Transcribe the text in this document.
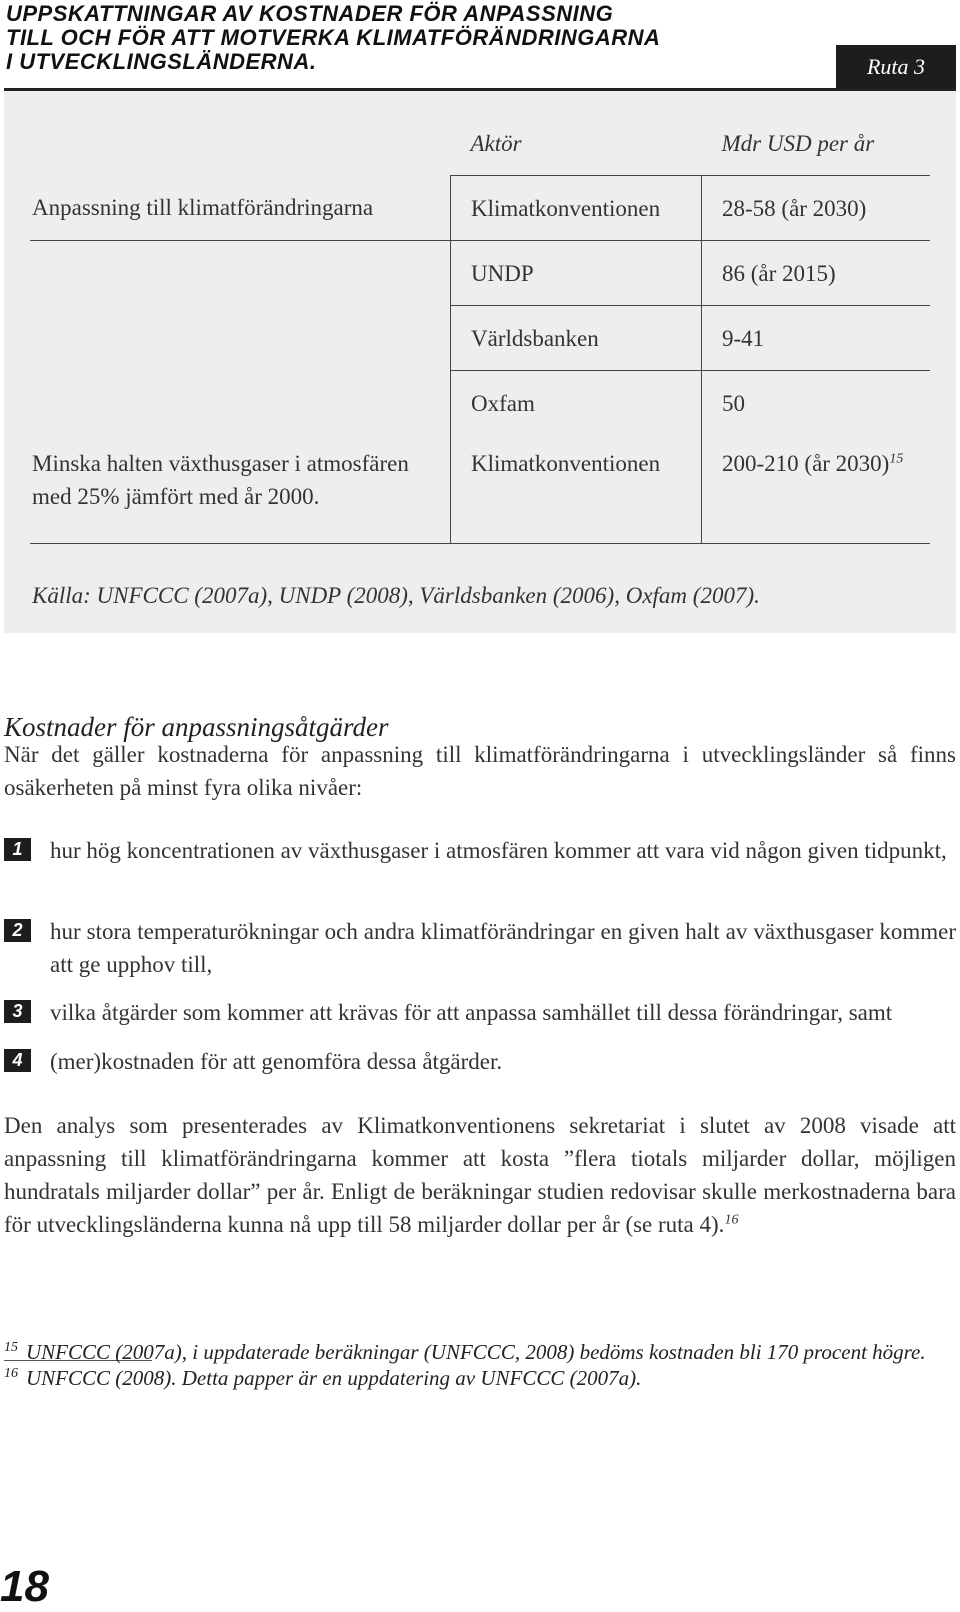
UPPSKATTNINGAR AV KOSTNADER FÖR ANPASSNING
TILL OCH FÖR ATT MOTVERKA KLIMATFÖRÄNDRINGARNA
I UTVECKLINGSLÄNDERNA.	Ruta 3
	Aktör	Mdr USD per år
Anpassning till klimatförändringarna	Klimatkonventionen	28-58 (år 2030)
	UNDP	86 (år 2015)
	Världsbanken	9-41
	Oxfam	50
Minska halten växthusgaser i atmosfären med 25% jämfört med år 2000.	Klimatkonventionen	200-210 (år 2030)$^{15}$
Källa: UNFCCC (2007a), UNDP (2008), Världsbanken (2006), Oxfam (2007).
Kostnader för anpassningsåtgärder
När det gäller kostnaderna för anpassning till klimatförändringarna i utvecklingsländer så finns osäkerheten på minst fyra olika nivåer:
1	hur hög koncentrationen av växthusgaser i atmosfären kommer att vara vid någon given tidpunkt,
2	hur stora temperaturökningar och andra klimatförändringar en given halt av växthusgaser kommer att ge upphov till,
3	vilka åtgärder som kommer att krävas för att anpassa samhället till dessa förändringar, samt
4	(mer)kostnaden för att genomföra dessa åtgärder.
Den analys som presenterades av Klimatkonventionens sekretariat i slutet av 2008 visade att anpassning till klimatförändringarna kommer att kosta ”flera tiotals miljarder dollar, möjligen hundratals miljarder dollar” per år. Enligt de beräkningar studien redovisar skulle merkostnaderna bara för utvecklingsländerna kunna nå upp till 58 miljarder dollar per år (se ruta 4).$^{16}$
$^{15}$ UNFCCC (2007a), i uppdaterade beräkningar (UNFCCC, 2008) bedöms kostnaden bli 170 procent högre.
$^{16}$ UNFCCC (2008). Detta papper är en uppdatering av UNFCCC (2007a).
18
